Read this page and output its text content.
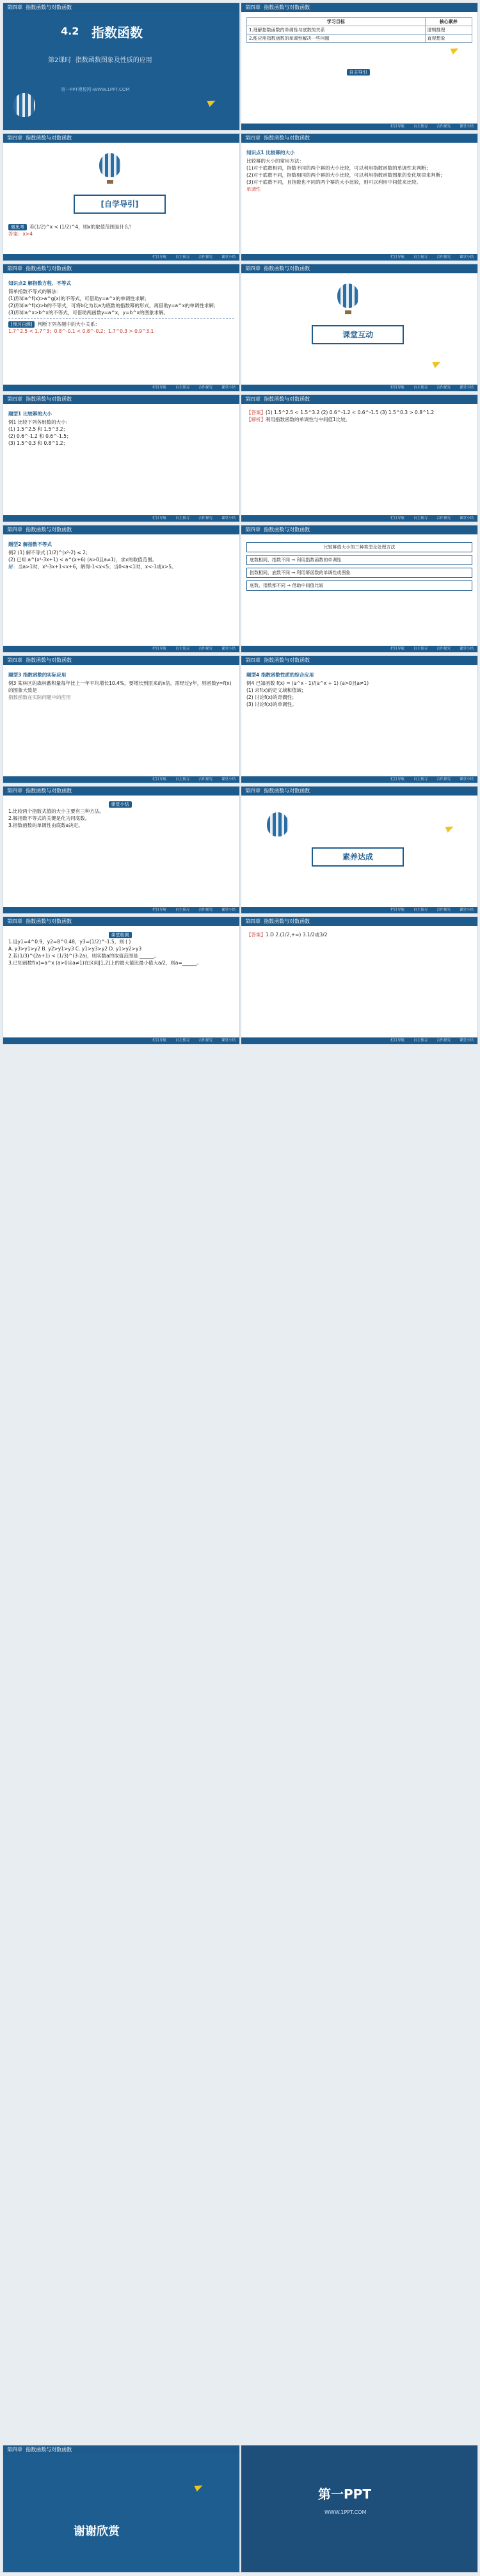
第四章 指数函数与对数函数
4.2 指数函数
第2课时 指数函数图象及性质的应用
第一PPT模板网-WWW.1PPT.COM
第四章 指数函数与对数函数
学习目标	核心素养
1.理解指数函数的单调性与底数的关系	逻辑推理
2.能应用指数函数的单调性解决一些问题	直观想象
自主导引
栏目导航	自主预习	合作探究	课堂小结
第四章 指数函数与对数函数
[自学导引]
微思考 若(1/2)^x < (1/2)^4，则x的取值范围是什么？
答案：x>4
栏目导航	自主预习	合作探究	课堂小结
第四章 指数函数与对数函数
知识点1 比较幂的大小
比较幂的大小的常用方法：
(1)对于底数相同，指数不同的两个幂的大小比较，可以利用指数函数的单调性来判断；
(2)对于底数不同，指数相同的两个幂的大小比较，可以利用指数函数图象的变化规律来判断；
(3)对于底数不同，且指数也不同的两个幂的大小比较，则可以利用中间值来比较。
单调性
栏目导航	自主预习	合作探究	课堂小结
第四章 指数函数与对数函数
知识点2 解指数方程、不等式
简单指数不等式的解法：
(1)形如a^f(x)>a^g(x)的不等式，可借助y=a^x的单调性求解；
(2)形如a^f(x)>b的不等式，可将b化为以a为底数的指数幂的形式，再借助y=a^x的单调性求解；
(3)形如a^x>b^x的不等式，可借助两函数y=a^x，y=b^x的图象求解。
[预习自测] 判断下列各题中的大小关系：
1.7^2.5 < 1.7^3；0.8^-0.1 < 0.8^-0.2；1.7^0.3 > 0.9^3.1
栏目导航	自主预习	合作探究	课堂小结
第四章 指数函数与对数函数
课堂互动
栏目导航	自主预习	合作探究	课堂小结
第四章 指数函数与对数函数
题型1 比较幂的大小
例1 比较下列各组数的大小：
(1) 1.5^2.5 和 1.5^3.2；
(2) 0.6^-1.2 和 0.6^-1.5；
(3) 1.5^0.3 和 0.8^1.2；
栏目导航	自主预习	合作探究	课堂小结
第四章 指数函数与对数函数
【答案】(1) 1.5^2.5 < 1.5^3.2 (2) 0.6^-1.2 < 0.6^-1.5 (3) 1.5^0.3 > 0.8^1.2
【解析】利用指数函数的单调性与中间值1比较。
栏目导航	自主预习	合作探究	课堂小结
第四章 指数函数与对数函数
题型2 解指数不等式
例2 (1) 解不等式 (1/2)^(x²-2) ≤ 2；
(2) 已知 a^(x²-3x+1) < a^(x+6) (a>0且a≠1)，求x的取值范围。
解：当a>1时，x²-3x+1<x+6，解得-1<x<5；当0<a<1时，x<-1或x>5。
栏目导航	自主预习	合作探究	课堂小结
第四章 指数函数与对数函数
比较幂值大小的三种类型及处理方法
底数相同，指数不同 → 利用指数函数的单调性
指数相同，底数不同 → 利用幂函数的单调性或图象
底数、指数都不同 → 借助中间值比较
栏目导航	自主预习	合作探究	课堂小结
第四章 指数函数与对数函数
题型3 指数函数的实际应用
例3 某林区的森林蓄积量每年比上一年平均增长10.4%，要增长到原来的x倍，需经过y年，则函数y=f(x)的图象大致是
指数函数在实际问题中的应用
栏目导航	自主预习	合作探究	课堂小结
第四章 指数函数与对数函数
题型4 指数函数性质的综合应用
例4 已知函数 f(x) = (a^x - 1)/(a^x + 1) (a>0且a≠1)
(1) 求f(x)的定义域和值域；
(2) 讨论f(x)的奇偶性；
(3) 讨论f(x)的单调性。
栏目导航	自主预习	合作探究	课堂小结
第四章 指数函数与对数函数
课堂小结
1.比较两个指数式值的大小主要有三种方法。
2.解指数不等式的关键是化为同底数。
3.指数函数的单调性由底数a决定。
栏目导航	自主预习	合作探究	课堂小结
第四章 指数函数与对数函数
素养达成
栏目导航	自主预习	合作探究	课堂小结
第四章 指数函数与对数函数
课堂检测
1.设y1=4^0.9，y2=8^0.48，y3=(1/2)^-1.5，则 ( )
A. y3>y1>y2 B. y2>y1>y3 C. y1>y3>y2 D. y1>y2>y3
2.若(1/3)^(2a+1) < (1/3)^(3-2a)，则实数a的取值范围是 ______。
3.已知函数f(x)=a^x (a>0且a≠1)在区间[1,2]上的最大值比最小值大a/2，则a=______。
栏目导航	自主预习	合作探究	课堂小结
第四章 指数函数与对数函数
【答案】1.D 2.(1/2,+∞) 3.1/2或3/2
栏目导航	自主预习	合作探究	课堂小结
第四章 指数函数与对数函数
谢谢欣赏
第一PPT
WWW.1PPT.COM
